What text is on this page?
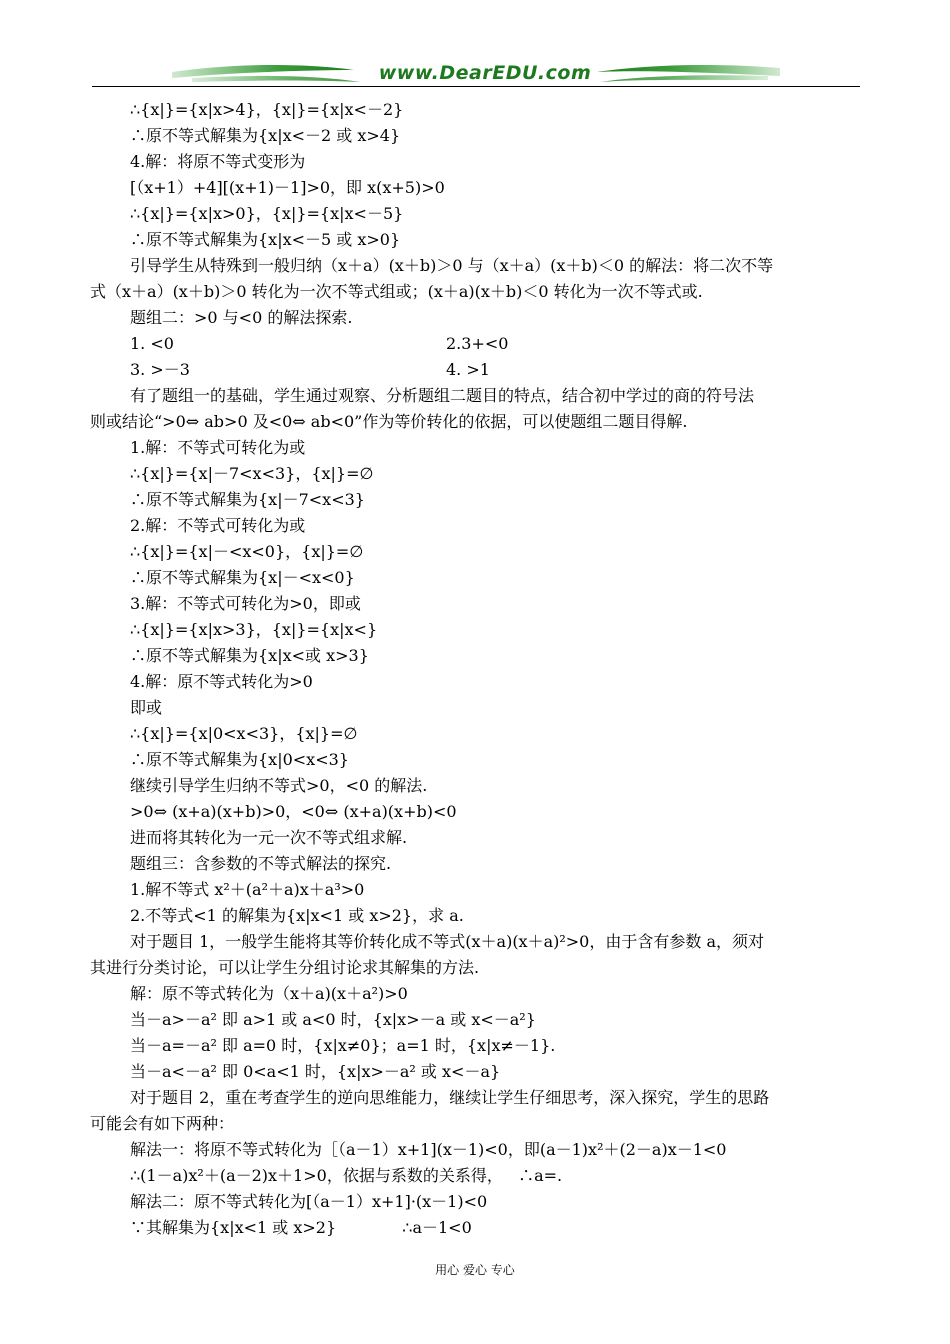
www.DearEDU.com
∴{x|}={x|x>4}，{x|}={x|x<－2}
∴原不等式解集为{x|x<－2 或 x>4}
4.解：将原不等式变形为
[（x+1）+4][(x+1)－1]>0，即 x(x+5)>0
∴{x|}={x|x>0}，{x|}={x|x<－5}
∴原不等式解集为{x|x<－5 或 x>0}
引导学生从特殊到一般归纳（x＋a）(x＋b)＞0 与（x＋a）(x＋b)＜0 的解法：将二次不等
式（x＋a）(x＋b)＞0 转化为一次不等式组或；(x＋a)(x＋b)＜0 转化为一次不等式或.
题组二：>0 与<0 的解法探索.
1. <0	2.3+<0
3. >－3	4. >1
有了题组一的基础，学生通过观察、分析题组二题目的特点，结合初中学过的商的符号法
则或结论“>0⇔ ab>0 及<0⇔ ab<0”作为等价转化的依据，可以使题组二题目得解.
1.解：不等式可转化为或
∴{x|}={x|－7<x<3}，{x|}=∅
∴原不等式解集为{x|－7<x<3}
2.解：不等式可转化为或
∴{x|}={x|－<x<0}，{x|}=∅
∴原不等式解集为{x|－<x<0}
3.解：不等式可转化为>0，即或
∴{x|}={x|x>3}，{x|}={x|x<}
∴原不等式解集为{x|x<或 x>3}
4.解：原不等式转化为>0
即或
∴{x|}={x|0<x<3}，{x|}=∅
∴原不等式解集为{x|0<x<3}
继续引导学生归纳不等式>0，<0 的解法.
>0⇔ (x+a)(x+b)>0，<0⇔ (x+a)(x+b)<0
进而将其转化为一元一次不等式组求解.
题组三：含参数的不等式解法的探究.
1.解不等式 x²＋(a²＋a)x＋a³>0
2.不等式<1 的解集为{x|x<1 或 x>2}，求 a.
对于题目 1，一般学生能将其等价转化成不等式(x＋a)(x＋a)²>0，由于含有参数 a，须对
其进行分类讨论，可以让学生分组讨论求其解集的方法.
解：原不等式转化为（x＋a)(x＋a²)>0
当－a>－a² 即 a>1 或 a<0 时，{x|x>－a 或 x<－a²}
当－a=－a² 即 a=0 时，{x|x≠0}；a=1 时，{x|x≠－1}.
当－a<－a² 即 0<a<1 时，{x|x>－a² 或 x<－a}
对于题目 2，重在考查学生的逆向思维能力，继续让学生仔细思考，深入探究，学生的思路
可能会有如下两种：
解法一：将原不等式转化为［（a－1）x+1](x－1)<0，即(a－1)x²＋(2－a)x－1<0
∴(1－a)x²＋(a－2)x＋1>0，依据与系数的关系得，   ∴a=.
解法二：原不等式转化为[（a－1）x+1]·(x－1)<0
∵其解集为{x|x<1 或 x>2}             ∴a－1<0
用心 爱心 专心
